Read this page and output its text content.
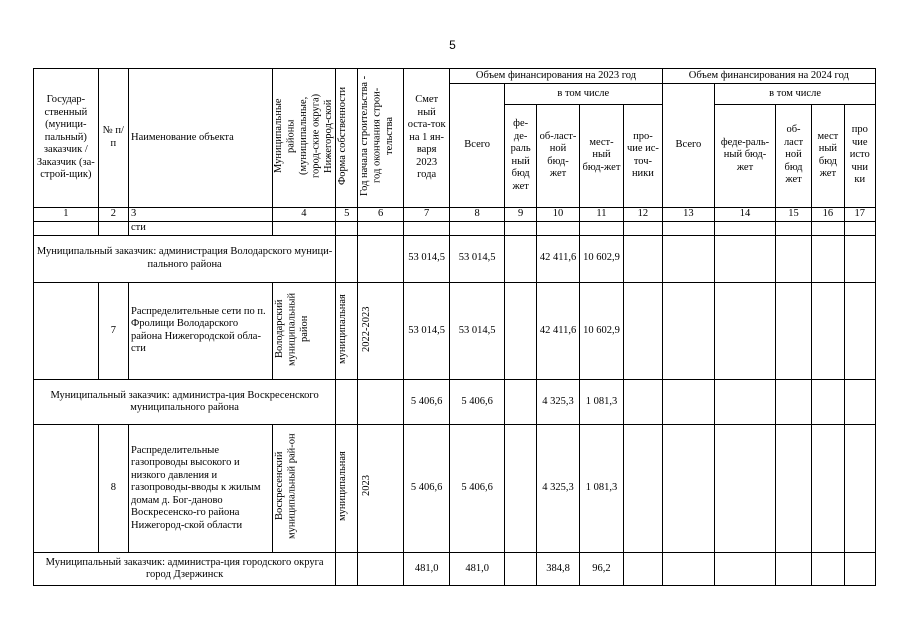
5
Государ-ственный (муници-пальный) заказчик / Заказчик (за-строй-щик)	№ п/п	Наименование объекта	Муниципальные районы (муниципальные, город-ские округа) Нижегород-ской	Форма собственности	Год начала строительства - год окончания строи-тельства	Смет ный оста-ток на 1 ян-варя 2023 года	Объем финансирования на 2023 год					Объем финансирования на 2024 год				
							Всего	в том числе				Всего	в том числе			
								фе-де-раль ный бюд жет	об-ласт-ной бюд-жет	мест-ный бюд-жет	про-чие ис-точ-ники		феде-раль-ный бюд-жет	об-ласт ной бюд жет	мест ный бюд жет	про чие исто чни ки
1	2	3	4	5	6	7	8	9	10	11	12	13	14	15	16	17
		сти														
Муниципальный заказчик: администрация Володарского муници-пального района						53 014,5	53 014,5		42 411,6	10 602,9						
	7	Распределительные сети по п. Фролищи Володарского района Нижегородской обла-сти	Володарский муниципальный район	муниципальная	2022-2023	53 014,5	53 014,5		42 411,6	10 602,9						
Муниципальный заказчик: администра-ция Воскресенского муниципального района						5 406,6	5 406,6		4 325,3	1 081,3						
	8	Распределительные газопроводы высокого и низкого давления и газопроводы-вводы к жилым домам д. Бог-даново Воскресенско-го района Нижегород-ской области	Воскресенский муниципальный рай-он	муниципальная	2023	5 406,6	5 406,6		4 325,3	1 081,3						
Муниципальный заказчик: администра-ция городского округа город Дзержинск						481,0	481,0		384,8	96,2						
